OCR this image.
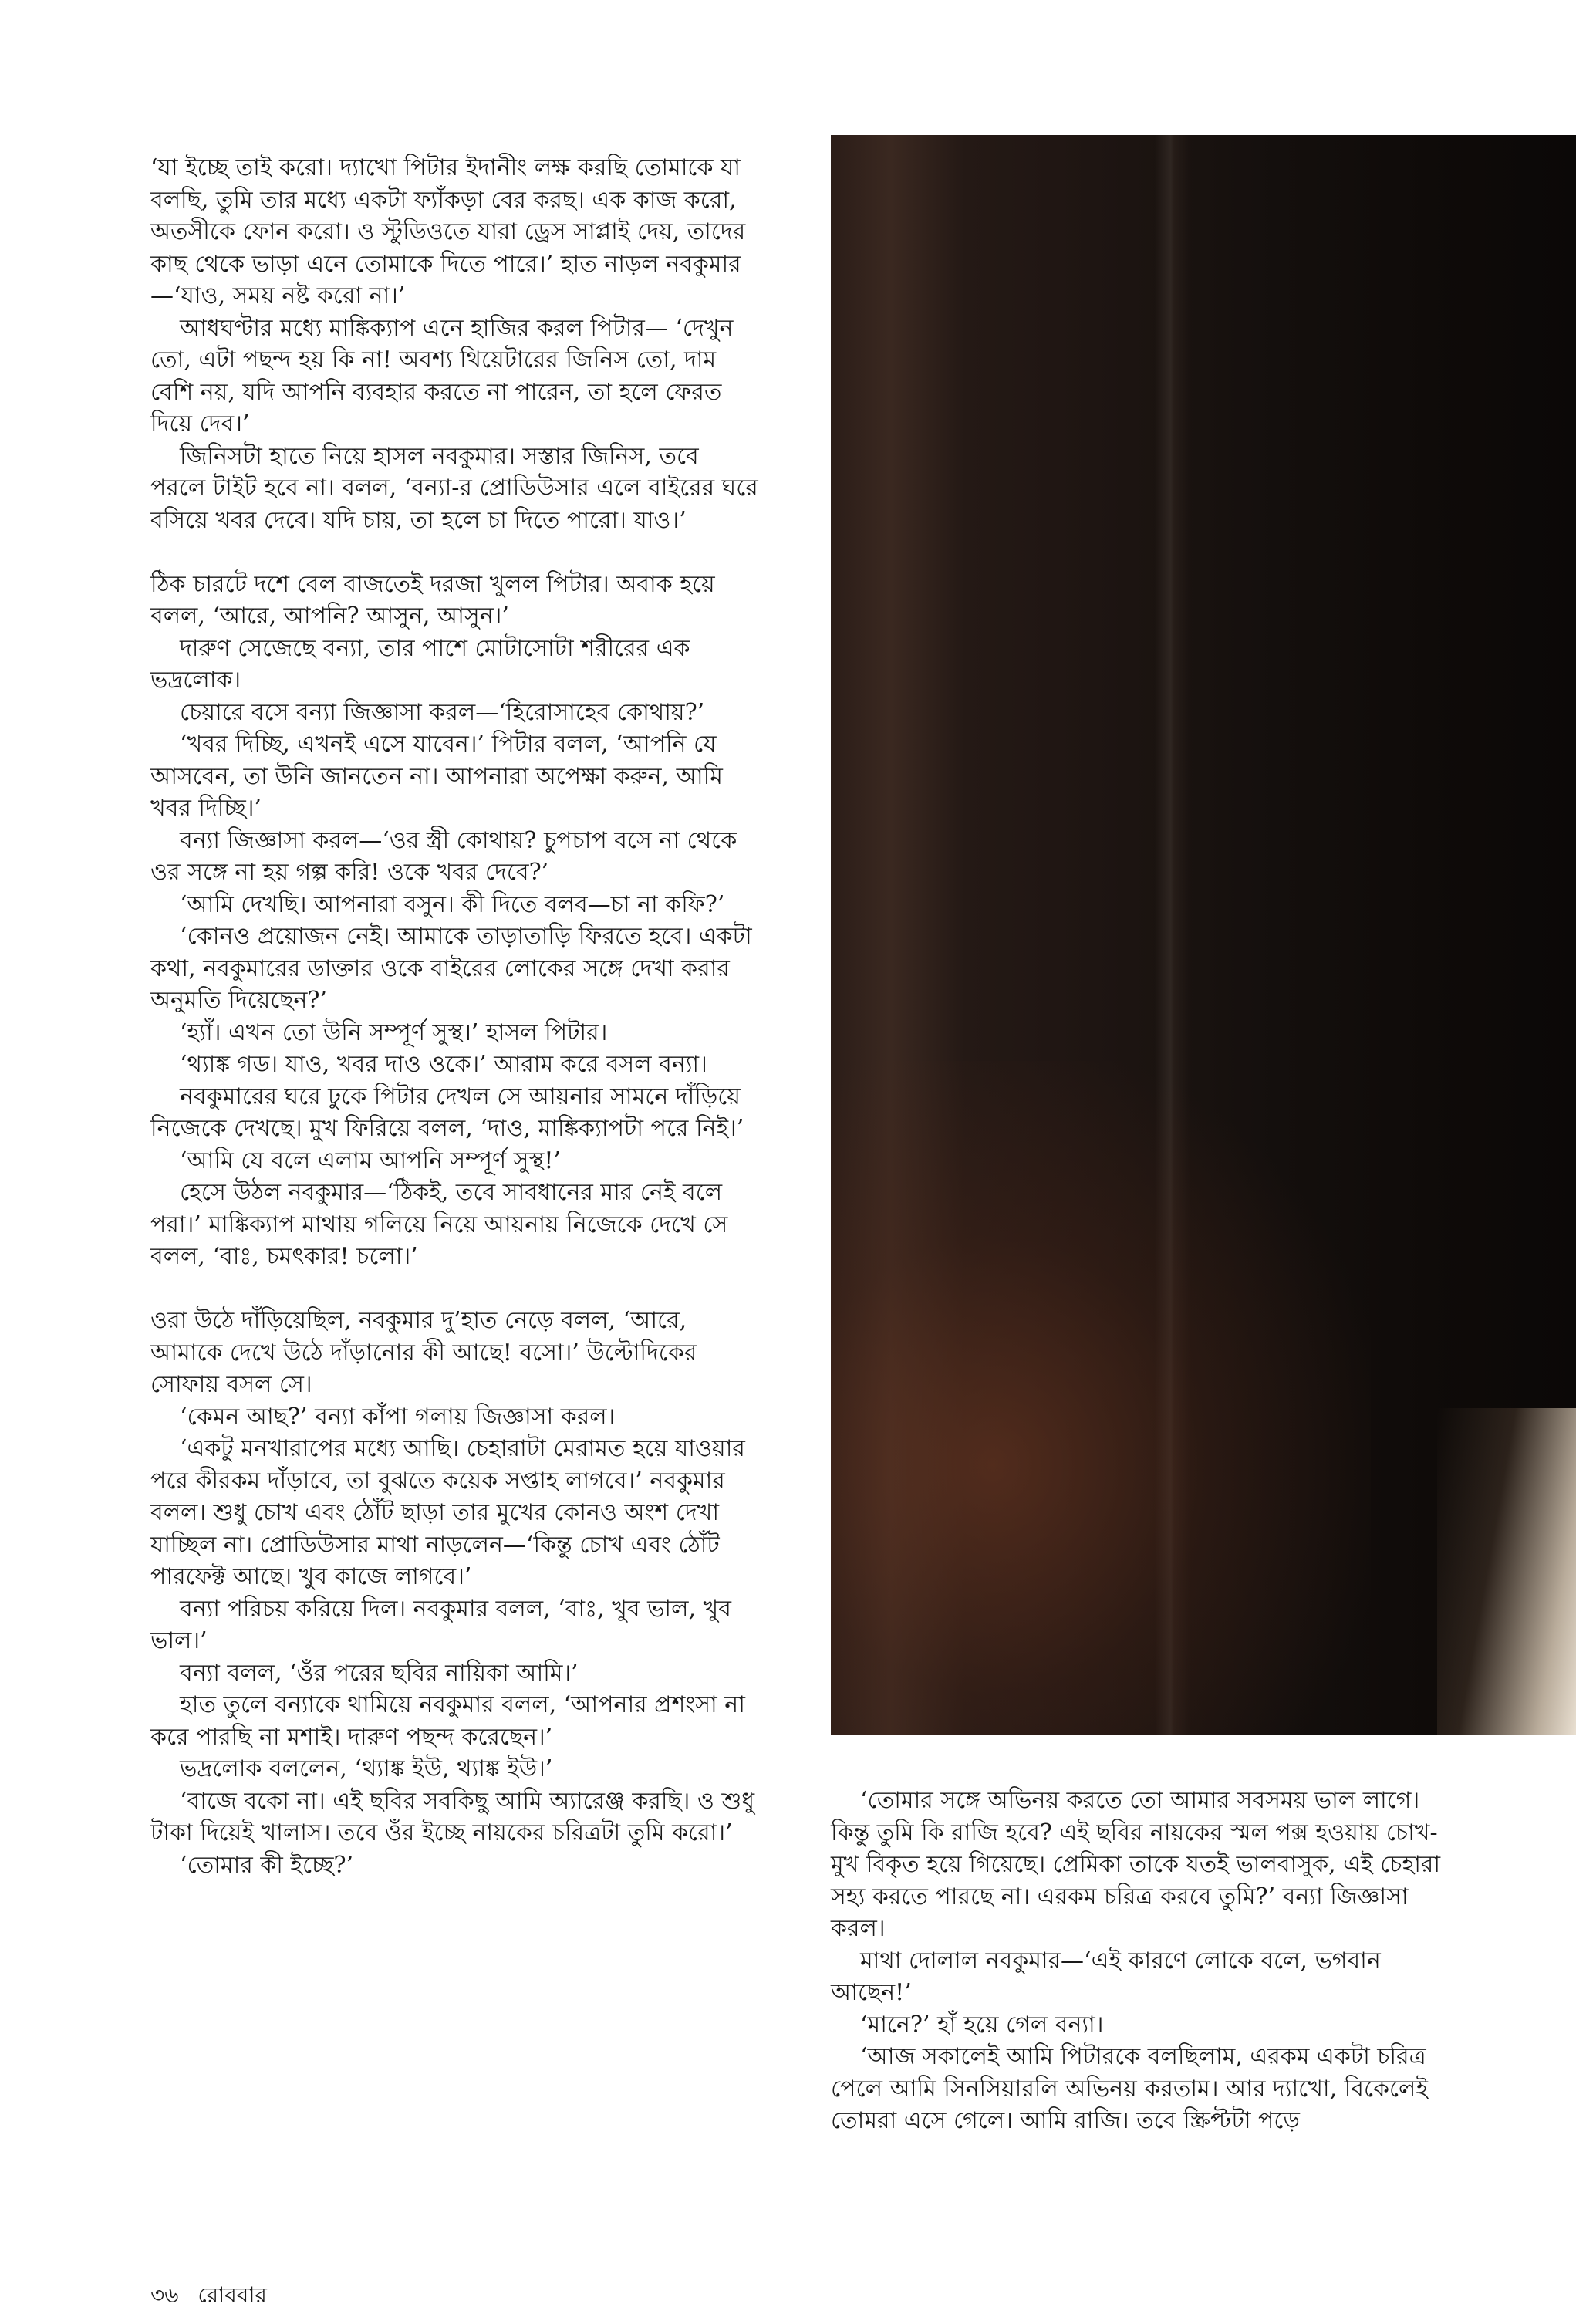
‘যা ইচ্ছে তাই করো। দ্যাখো পিটার ইদানীং লক্ষ করছি তোমাকে যা বলছি, তুমি তার মধ্যে একটা ফ্যাঁকড়া বের করছ। এক কাজ করো, অতসীকে ফোন করো। ও স্টুডিওতে যারা ড্রেস সাপ্লাই দেয়, তাদের কাছ থেকে ভাড়া এনে তোমাকে দিতে পারে।’ হাত নাড়ল নবকুমার—‘যাও, সময় নষ্ট করো না।’

আধঘণ্টার মধ্যে মাঙ্কিক্যাপ এনে হাজির করল পিটার— ‘দেখুন তো, এটা পছন্দ হয় কি না! অবশ্য থিয়েটারের জিনিস তো, দাম বেশি নয়, যদি আপনি ব্যবহার করতে না পারেন, তা হলে ফেরত দিয়ে দেব।’

জিনিসটা হাতে নিয়ে হাসল নবকুমার। সস্তার জিনিস, তবে পরলে টাইট হবে না। বলল, ‘বন্যা-র প্রোডিউসার এলে বাইরের ঘরে বসিয়ে খবর দেবে। যদি চায়, তা হলে চা দিতে পারো। যাও।’

ঠিক চারটে দশে বেল বাজতেই দরজা খুলল পিটার। অবাক হয়ে বলল, ‘আরে, আপনি? আসুন, আসুন।’

দারুণ সেজেছে বন্যা, তার পাশে মোটাসোটা শরীরের এক ভদ্রলোক।

চেয়ারে বসে বন্যা জিজ্ঞাসা করল—‘হিরোসাহেব কোথায়?’

‘খবর দিচ্ছি, এখনই এসে যাবেন।’ পিটার বলল, ‘আপনি যে আসবেন, তা উনি জানতেন না। আপনারা অপেক্ষা করুন, আমি খবর দিচ্ছি।’

বন্যা জিজ্ঞাসা করল—‘ওর স্ত্রী কোথায়? চুপচাপ বসে না থেকে ওর সঙ্গে না হয় গল্প করি! ওকে খবর দেবে?’

‘আমি দেখছি। আপনারা বসুন। কী দিতে বলব—চা না কফি?’

‘কোনও প্রয়োজন নেই। আমাকে তাড়াতাড়ি ফিরতে হবে। একটা কথা, নবকুমারের ডাক্তার ওকে বাইরের লোকের সঙ্গে দেখা করার অনুমতি দিয়েছেন?’

‘হ্যাঁ। এখন তো উনি সম্পূর্ণ সুস্থ।’ হাসল পিটার।

‘থ্যাঙ্ক গড। যাও, খবর দাও ওকে।’ আরাম করে বসল বন্যা।

নবকুমারের ঘরে ঢুকে পিটার দেখল সে আয়নার সামনে দাঁড়িয়ে নিজেকে দেখছে। মুখ ফিরিয়ে বলল, ‘দাও, মাঙ্কিক্যাপটা পরে নিই।’

‘আমি যে বলে এলাম আপনি সম্পূর্ণ সুস্থ!’

হেসে উঠল নবকুমার—‘ঠিকই, তবে সাবধানের মার নেই বলে পরা।’ মাঙ্কিক্যাপ মাথায় গলিয়ে নিয়ে আয়নায় নিজেকে দেখে সে বলল, ‘বাঃ, চমৎকার! চলো।’

ওরা উঠে দাঁড়িয়েছিল, নবকুমার দু’হাত নেড়ে বলল, ‘আরে, আমাকে দেখে উঠে দাঁড়ানোর কী আছে! বসো।’ উল্টোদিকের সোফায় বসল সে।

‘কেমন আছ?’ বন্যা কাঁপা গলায় জিজ্ঞাসা করল।

‘একটু মনখারাপের মধ্যে আছি। চেহারাটা মেরামত হয়ে যাওয়ার পরে কীরকম দাঁড়াবে, তা বুঝতে কয়েক সপ্তাহ লাগবে।’ নবকুমার বলল। শুধু চোখ এবং ঠোঁট ছাড়া তার মুখের কোনও অংশ দেখা যাচ্ছিল না। প্রোডিউসার মাথা নাড়লেন—‘কিন্তু চোখ এবং ঠোঁট পারফেক্ট আছে। খুব কাজে লাগবে।’

বন্যা পরিচয় করিয়ে দিল। নবকুমার বলল, ‘বাঃ, খুব ভাল, খুব ভাল।’

বন্যা বলল, ‘ওঁর পরের ছবির নায়িকা আমি।’

হাত তুলে বন্যাকে থামিয়ে নবকুমার বলল, ‘আপনার প্রশংসা না করে পারছি না মশাই। দারুণ পছন্দ করেছেন।’

ভদ্রলোক বললেন, ‘থ্যাঙ্ক ইউ, থ্যাঙ্ক ইউ।’

‘বাজে বকো না। এই ছবির সবকিছু আমি অ্যারেঞ্জ করছি। ও শুধু টাকা দিয়েই খালাস। তবে ওঁর ইচ্ছে নায়কের চরিত্রটা তুমি করো।’

‘তোমার কী ইচ্ছে?’

‘তোমার সঙ্গে অভিনয় করতে তো আমার সবসময় ভাল লাগে। কিন্তু তুমি কি রাজি হবে? এই ছবির নায়কের স্মল পক্স হওয়ায় চোখ-মুখ বিকৃত হয়ে গিয়েছে। প্রেমিকা তাকে যতই ভালবাসুক, এই চেহারা সহ্য করতে পারছে না। এরকম চরিত্র করবে তুমি?’ বন্যা জিজ্ঞাসা করল।

মাথা দোলাল নবকুমার—‘এই কারণে লোকে বলে, ভগবান আছেন!’

‘মানে?’ হাঁ হয়ে গেল বন্যা।

‘আজ সকালেই আমি পিটারকে বলছিলাম, এরকম একটা চরিত্র পেলে আমি সিনসিয়ারলি অভিনয় করতাম। আর দ্যাখো, বিকেলেই তোমরা এসে গেলে। আমি রাজি। তবে স্ক্রিপ্টটা পড়ে

৩৬ রোববার
